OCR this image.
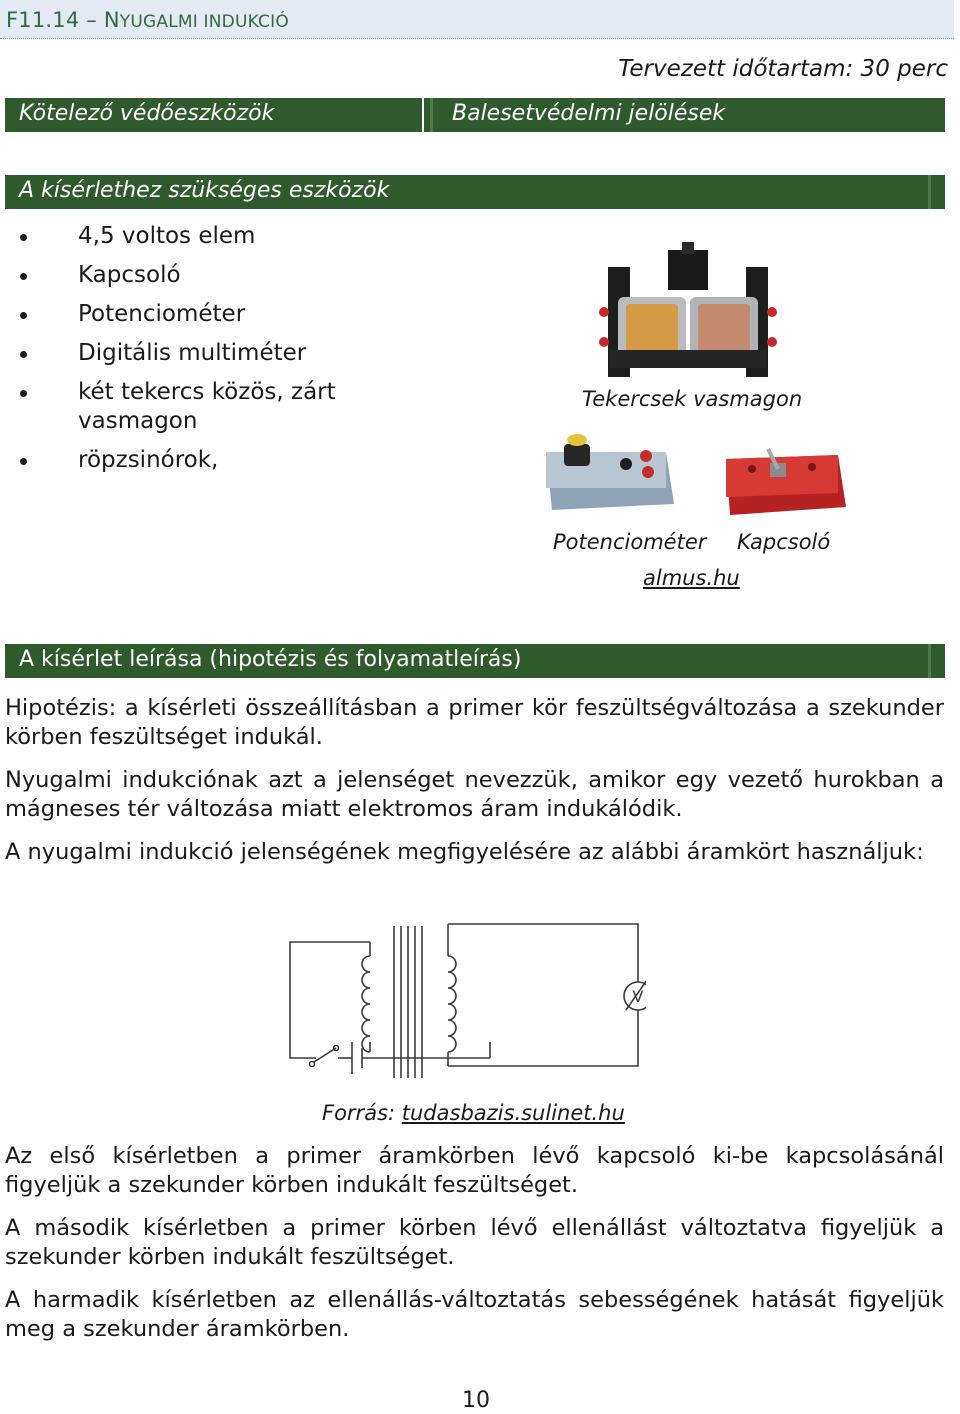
F11.14 – NYUGALMI INDUKCIÓ
Tervezett időtartam: 30 perc
Kötelező védőeszközök	Balesetvédelmi jelölések
A kísérlethez szükséges eszközök
4,5 voltos elem
Kapcsoló
Potenciométer
Digitális multiméter
két tekercs közös, zárt vasmagon
röpzsinórok,
Tekercsek vasmagon
Potenciométer Kapcsoló
almus.hu
A kísérlet leírása (hipotézis és folyamatleírás)

Hipotézis: a kísérleti összeállításban a primer kör feszültségváltozása a szekunder körben feszültséget indukál.

Nyugalmi indukciónak azt a jelenséget nevezzük, amikor egy vezető hurokban a mágneses tér változása miatt elektromos áram indukálódik.

A nyugalmi indukció jelenségének megfigyelésére az alábbi áramkört használjuk:

V
Forrás: tudasbazis.sulinet.hu

Az első kísérletben a primer áramkörben lévő kapcsoló ki-be kapcsolásánál figyeljük a szekunder körben indukált feszültséget.

A második kísérletben a primer körben lévő ellenállást változtatva figyeljük a szekunder körben indukált feszültséget.

A harmadik kísérletben az ellenállás-változtatás sebességének hatását figyeljük meg a szekunder áramkörben.

10
